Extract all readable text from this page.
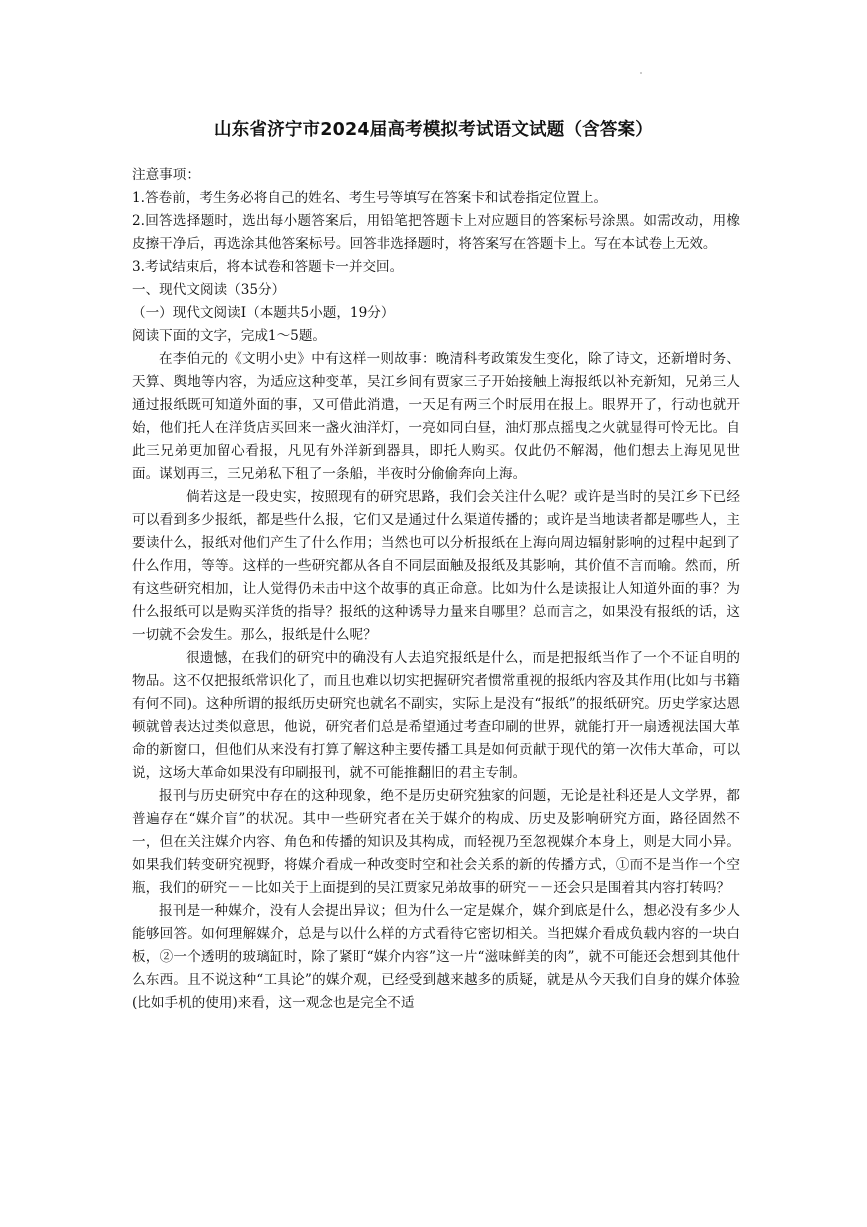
山东省济宁市2024届高考模拟考试语文试题（含答案）

注意事项：

1.答卷前，考生务必将自己的姓名、考生号等填写在答案卡和试卷指定位置上。

2.回答选择题时，选出每小题答案后，用铅笔把答题卡上对应题目的答案标号涂黑。如需改动，用橡皮擦干净后，再选涂其他答案标号。回答非选择题时，将答案写在答题卡上。写在本试卷上无效。

3.考试结束后，将本试卷和答题卡一并交回。

一、现代文阅读（35分）

（一）现代文阅读Ⅰ（本题共5小题，19分）

阅读下面的文字，完成1～5题。

在李伯元的《文明小史》中有这样一则故事：晚清科考政策发生变化，除了诗文，还新增时务、天算、舆地等内容，为适应这种变革，吴江乡间有贾家三子开始接触上海报纸以补充新知，兄弟三人通过报纸既可知道外面的事，又可借此消遣，一天足有两三个时辰用在报上。眼界开了，行动也就开始，他们托人在洋货店买回来一盏火油洋灯，一亮如同白昼，油灯那点摇曳之火就显得可怜无比。自此三兄弟更加留心看报，凡见有外洋新到器具，即托人购买。仅此仍不解渴，他们想去上海见见世面。谋划再三，三兄弟私下租了一条船，半夜时分偷偷奔向上海。

倘若这是一段史实，按照现有的研究思路，我们会关注什么呢？或许是当时的吴江乡下已经可以看到多少报纸，都是些什么报，它们又是通过什么渠道传播的；或许是当地读者都是哪些人，主要读什么，报纸对他们产生了什么作用；当然也可以分析报纸在上海向周边辐射影响的过程中起到了什么作用，等等。这样的一些研究都从各自不同层面触及报纸及其影响，其价值不言而喻。然而，所有这些研究相加，让人觉得仍未击中这个故事的真正命意。比如为什么是读报让人知道外面的事？为什么报纸可以是购买洋货的指导？报纸的这种诱导力量来自哪里？总而言之，如果没有报纸的话，这一切就不会发生。那么，报纸是什么呢？

很遗憾，在我们的研究中的确没有人去追究报纸是什么，而是把报纸当作了一个不证自明的物品。这不仅把报纸常识化了，而且也难以切实把握研究者惯常重视的报纸内容及其作用(比如与书籍有何不同)。这种所谓的报纸历史研究也就名不副实，实际上是没有“报纸”的报纸研究。历史学家达恩顿就曾表达过类似意思，他说，研究者们总是希望通过考查印刷的世界，就能打开一扇透视法国大革命的新窗口，但他们从来没有打算了解这种主要传播工具是如何贡献于现代的第一次伟大革命，可以说，这场大革命如果没有印刷报刊，就不可能推翻旧的君主专制。

报刊与历史研究中存在的这种现象，绝不是历史研究独家的问题，无论是社科还是人文学界，都普遍存在“媒介盲”的状况。其中一些研究者在关于媒介的构成、历史及影响研究方面，路径固然不一，但在关注媒介内容、角色和传播的知识及其构成，而轻视乃至忽视媒介本身上，则是大同小异。如果我们转变研究视野，将媒介看成一种改变时空和社会关系的新的传播方式，①而不是当作一个空瓶，我们的研究－－比如关于上面提到的吴江贾家兄弟故事的研究－－还会只是围着其内容打转吗？

报刊是一种媒介，没有人会提出异议；但为什么一定是媒介，媒介到底是什么，想必没有多少人能够回答。如何理解媒介，总是与以什么样的方式看待它密切相关。当把媒介看成负载内容的一块白板，②一个透明的玻璃缸时，除了紧盯“媒介内容”这一片“滋味鲜美的肉”，就不可能还会想到其他什么东西。且不说这种“工具论”的媒介观，已经受到越来越多的质疑，就是从今天我们自身的媒介体验(比如手机的使用)来看，这一观念也是完全不适
